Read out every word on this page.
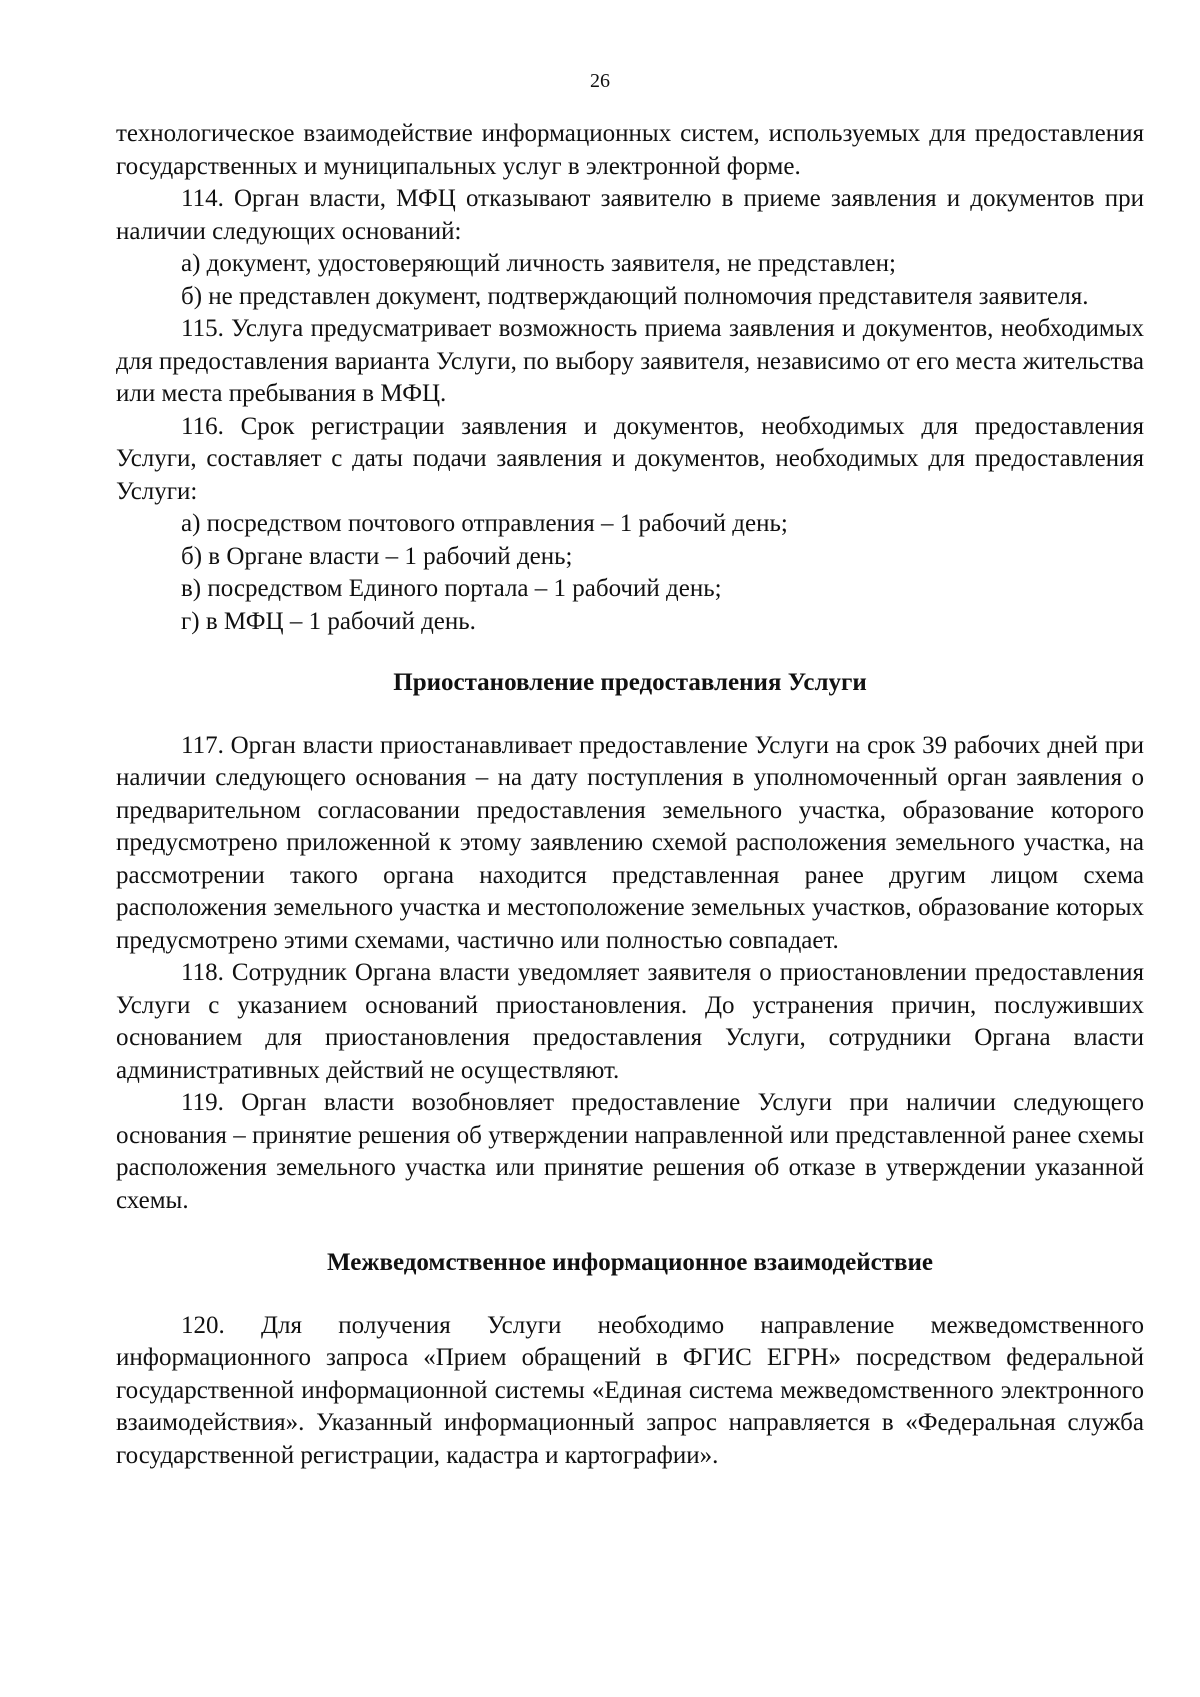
26

технологическое взаимодействие информационных систем, используемых для предоставления государственных и муниципальных услуг в электронной форме.

114. Орган власти, МФЦ отказывают заявителю в приеме заявления и документов при наличии следующих оснований:

а) документ, удостоверяющий личность заявителя, не представлен;

б) не представлен документ, подтверждающий полномочия представителя заявителя.

115. Услуга предусматривает возможность приема заявления и документов, необходимых для предоставления варианта Услуги, по выбору заявителя, независимо от его места жительства или места пребывания в МФЦ.

116. Срок регистрации заявления и документов, необходимых для предоставления Услуги, составляет с даты подачи заявления и документов, необходимых для предоставления Услуги:

а) посредством почтового отправления – 1 рабочий день;

б) в Органе власти – 1 рабочий день;

в) посредством Единого портала – 1 рабочий день;

г) в МФЦ – 1 рабочий день.

Приостановление предоставления Услуги

117. Орган власти приостанавливает предоставление Услуги на срок 39 рабочих дней при наличии следующего основания – на дату поступления в уполномоченный орган заявления о предварительном согласовании предоставления земельного участка, образование которого предусмотрено приложенной к этому заявлению схемой расположения земельного участка, на рассмотрении такого органа находится представленная ранее другим лицом схема расположения земельного участка и местоположение земельных участков, образование которых предусмотрено этими схемами, частично или полностью совпадает.

118. Сотрудник Органа власти уведомляет заявителя о приостановлении предоставления Услуги с указанием оснований приостановления. До устранения причин, послуживших основанием для приостановления предоставления Услуги, сотрудники Органа власти административных действий не осуществляют.

119. Орган власти возобновляет предоставление Услуги при наличии следующего основания – принятие решения об утверждении направленной или представленной ранее схемы расположения земельного участка или принятие решения об отказе в утверждении указанной схемы.

Межведомственное информационное взаимодействие

120. Для получения Услуги необходимо направление межведомственного информационного запроса «Прием обращений в ФГИС ЕГРН» посредством федеральной государственной информационной системы «Единая система межведомственного электронного взаимодействия». Указанный информационный запрос направляется в «Федеральная служба государственной регистрации, кадастра и картографии».
